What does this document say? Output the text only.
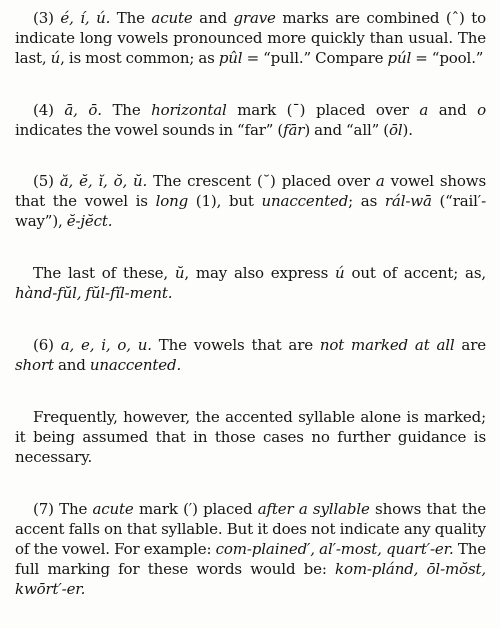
(3) é, í, ú. The acute and grave marks are combined (ˆ) to indicate long vowels pronounced more quickly than usual. The last, ú, is most common; as pûl = “pull.” Compare púl = “pool.”

(4) ā, ō. The horizontal mark (¯) placed over a and o indicates the vowel sounds in “far” (fār) and “all” (ōl).

(5) ă, ĕ, ĭ, ŏ, ŭ. The crescent (˘) placed over a vowel shows that the vowel is long (1), but unaccented; as rál-wā (“rail′-way”), ĕ-jĕct.

The last of these, ŭ, may also express ú out of accent; as, hànd-fŭl, fŭl-fĭl-ment.

(6) a, e, i, o, u. The vowels that are not marked at all are short and unaccented.

Frequently, however, the accented syllable alone is marked; it being assumed that in those cases no further guidance is necessary.

(7) The acute mark (′) placed after a syllable shows that the accent falls on that syllable. But it does not indicate any quality of the vowel. For example: com-plained′, al′-most, quart′-er. The full marking for these words would be: kom-plánd, ōl-mŏst, kwōrt′-er.
